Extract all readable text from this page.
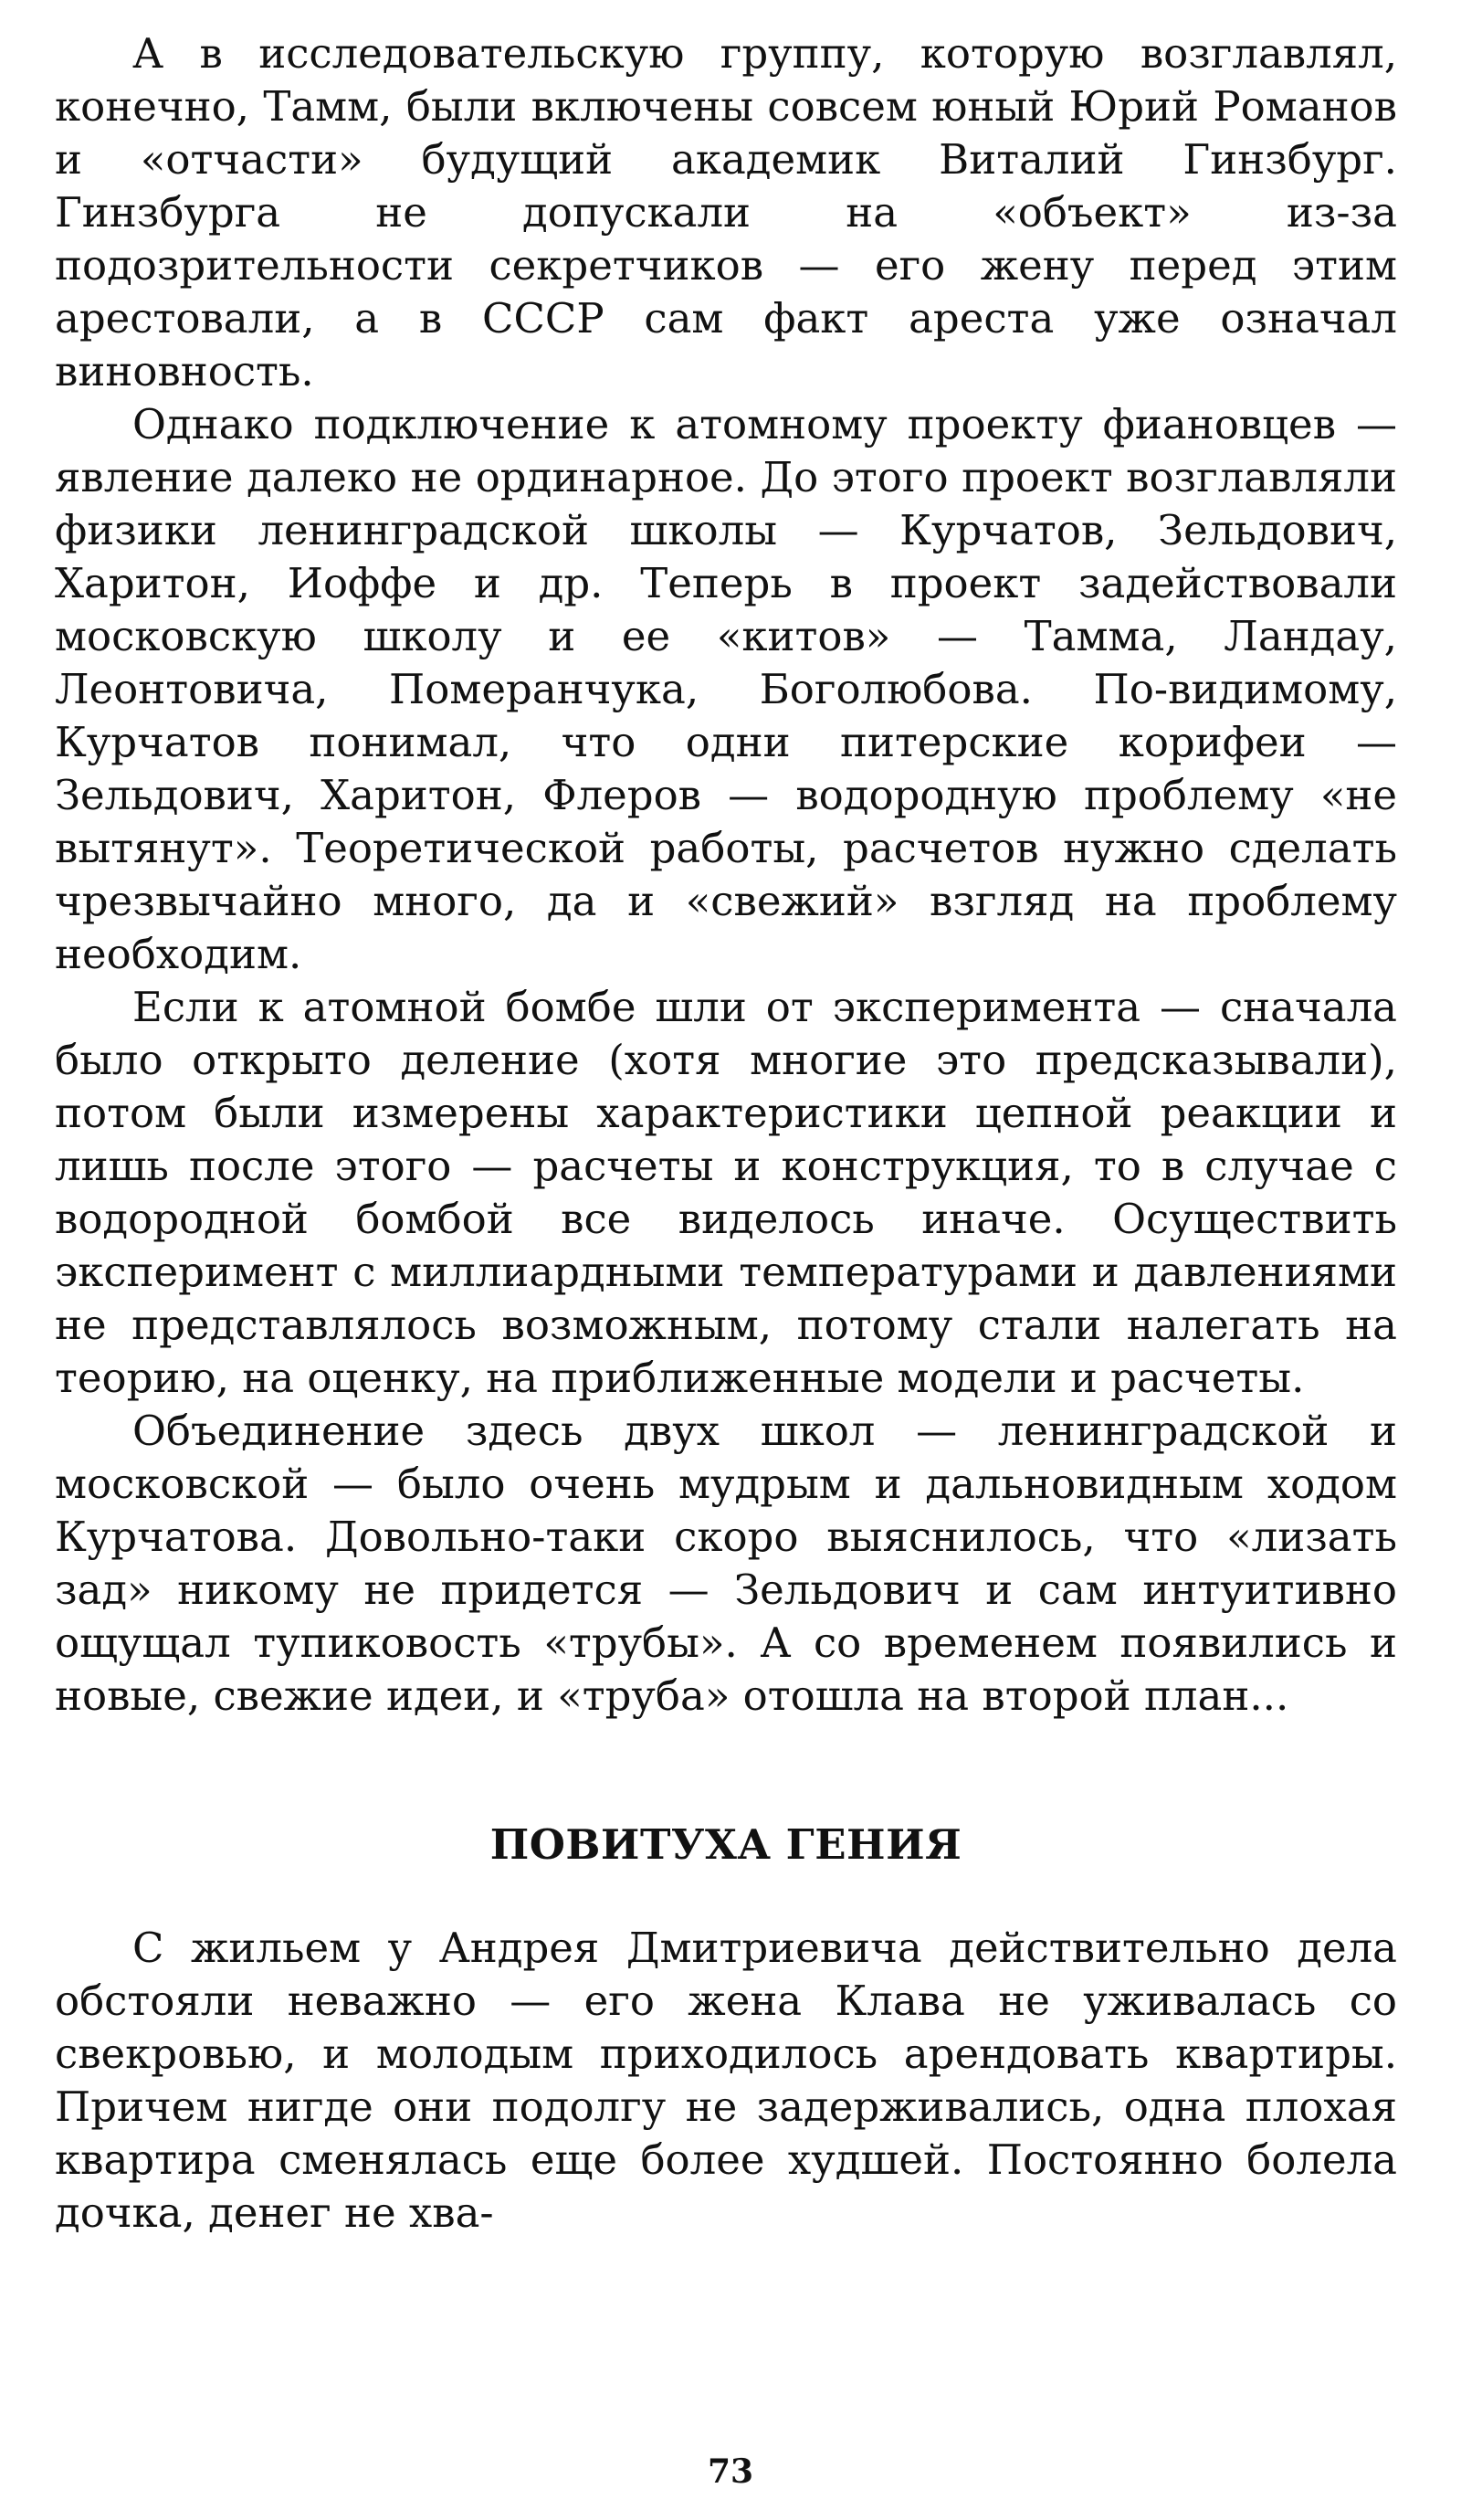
А в исследовательскую группу, которую возглавлял, конечно, Тамм, были включены совсем юный Юрий Романов и «отчасти» будущий академик Виталий Гинзбург. Гинзбурга не допускали на «объект» из-за подозрительности секретчиков — его жену перед этим арестовали, а в СССР сам факт ареста уже означал виновность.

Однако подключение к атомному проекту фиановцев — явление далеко не ординарное. До этого проект возглавляли физики ленинградской школы — Курчатов, Зельдович, Харитон, Иоффе и др. Теперь в проект задействовали московскую школу и ее «китов» — Тамма, Ландау, Леонтовича, Померанчука, Боголюбова. По-видимому, Курчатов понимал, что одни питерские корифеи — Зельдович, Харитон, Флеров — водородную проблему «не вытянут». Теоретической работы, расчетов нужно сделать чрезвычайно много, да и «свежий» взгляд на проблему необходим.

Если к атомной бомбе шли от эксперимента — сначала было открыто деление (хотя многие это предсказывали), потом были измерены характеристики цепной реакции и лишь после этого — расчеты и конструкция, то в случае с водородной бомбой все виделось иначе. Осуществить эксперимент с миллиардными температурами и давлениями не представлялось возможным, потому стали налегать на теорию, на оценку, на приближенные модели и расчеты.

Объединение здесь двух школ — ленинградской и московской — было очень мудрым и дальновидным ходом Курчатова. Довольно-таки скоро выяснилось, что «лизать зад» никому не придется — Зельдович и сам интуитивно ощущал тупиковость «трубы». А со временем появились и новые, свежие идеи, и «труба» отошла на второй план...

ПОВИТУХА ГЕНИЯ

С жильем у Андрея Дмитриевича действительно дела обстояли неважно — его жена Клава не уживалась со свекровью, и молодым приходилось арендовать квартиры. Причем нигде они подолгу не задерживались, одна плохая квартира сменялась еще более худшей. Постоянно болела дочка, денег не хва-

73
